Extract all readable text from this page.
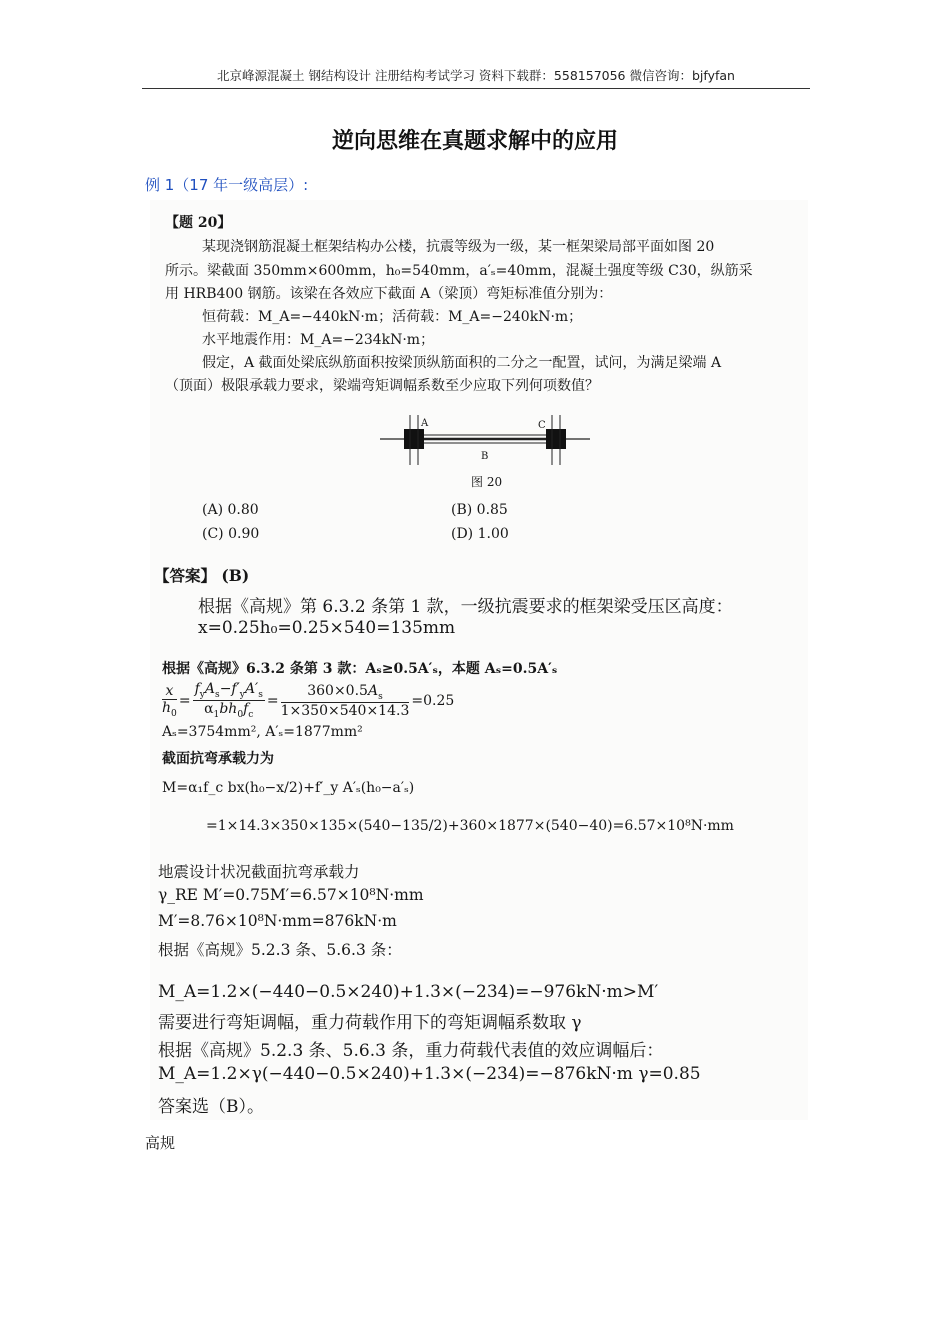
北京峰源混凝土 钢结构设计 注册结构考试学习 资料下载群：558157056 微信咨询：bjfyfan
逆向思维在真题求解中的应用
例 1（17 年一级高层）:
【题 20】
某现浇钢筋混凝土框架结构办公楼，抗震等级为一级，某一框架梁局部平面如图 20
所示。梁截面 350mm×600mm，h₀=540mm，a′ₛ=40mm，混凝土强度等级 C30，纵筋采
用 HRB400 钢筋。该梁在各效应下截面 A（梁顶）弯矩标准值分别为：
恒荷载：M_A=−440kN·m；活荷载：M_A=−240kN·m；
水平地震作用：M_A=−234kN·m；
假定，A 截面处梁底纵筋面积按梁顶纵筋面积的二分之一配置，试问，为满足梁端 A
（顶面）极限承载力要求，梁端弯矩调幅系数至少应取下列何项数值？
A
B
C
图 20
(A) 0.80	(B) 0.85
(C) 0.90	(D) 1.00
【答案】 (B)
根据《高规》第 6.3.2 条第 1 款，一级抗震要求的框架梁受压区高度：
x=0.25h₀=0.25×540=135mm
根据《高规》6.3.2 条第 3 款：Aₛ≥0.5A′ₛ，本题 Aₛ=0.5A′ₛ
$\frac{x}{h_0} = \frac{f_yA_s-f'_yA'_s}{\alpha_1bh_0f_c} = \frac{360\times 0.5A_s}{1\times 350\times 540\times 14.3} =0.25$
Aₛ=3754mm², A′ₛ=1877mm²
截面抗弯承载力为
M=α₁f_c bx(h₀−x/2)+f′_y A′ₛ(h₀−a′ₛ)
=1×14.3×350×135×(540−135/2)+360×1877×(540−40)=6.57×10⁸N·mm
地震设计状况截面抗弯承载力
γ_RE M′=0.75M′=6.57×10⁸N·mm
M′=8.76×10⁸N·mm=876kN·m
根据《高规》5.2.3 条、5.6.3 条：
M_A=1.2×(−440−0.5×240)+1.3×(−234)=−976kN·m>M′
需要进行弯矩调幅，重力荷载作用下的弯矩调幅系数取 γ
根据《高规》5.2.3 条、5.6.3 条，重力荷载代表值的效应调幅后：
M_A=1.2×γ(−440−0.5×240)+1.3×(−234)=−876kN·m γ=0.85
答案选（B）。
高规
